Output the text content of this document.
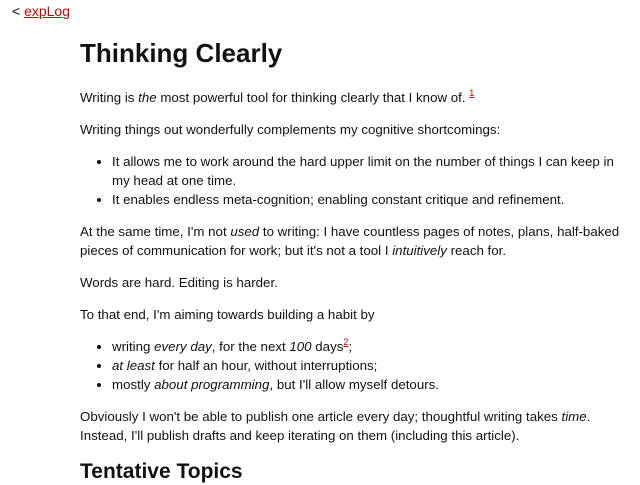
< expLog
Thinking Clearly

Writing is the most powerful tool for thinking clearly that I know of. $^1$

Writing things out wonderfully complements my cognitive shortcomings:

• It allows me to work around the hard upper limit on the number of things I can keep in my head at one time.
• It enables endless meta-cognition; enabling constant critique and refinement.

At the same time, I'm not used to writing: I have countless pages of notes, plans, half-baked pieces of communication for work; but it's not a tool I intuitively reach for.

Words are hard. Editing is harder.

To that end, I'm aiming towards building a habit by

• writing every day, for the next 100 days$^2$;
• at least for half an hour, without interruptions;
• mostly about programming, but I'll allow myself detours.

Obviously I won't be able to publish one article every day; thoughtful writing takes time. Instead, I'll publish drafts and keep iterating on them (including this article).

Tentative Topics
